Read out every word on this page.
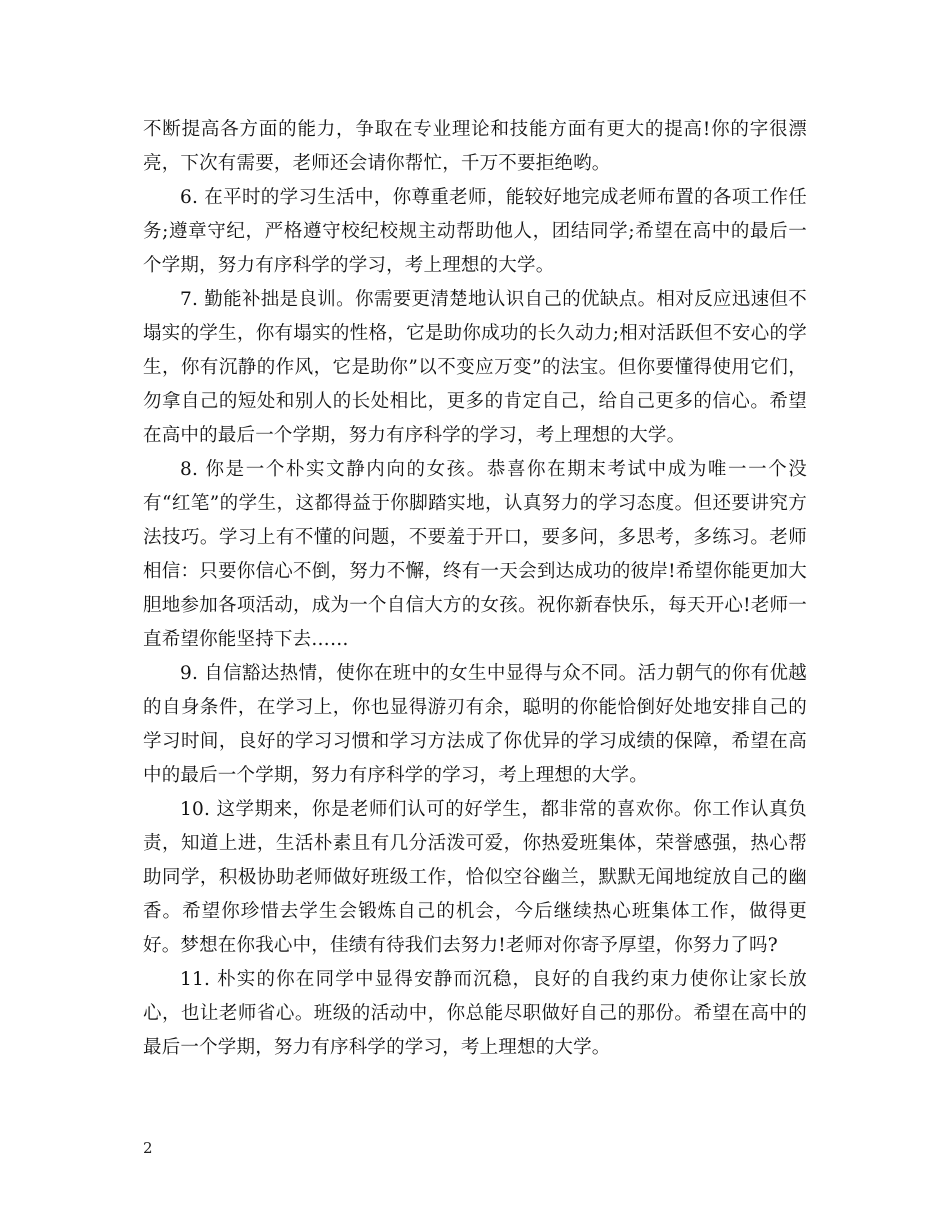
不断提高各方面的能力，争取在专业理论和技能方面有更大的提高!你的字很漂亮，下次有需要，老师还会请你帮忙，千万不要拒绝哟。

6. 在平时的学习生活中，你尊重老师，能较好地完成老师布置的各项工作任务;遵章守纪，严格遵守校纪校规主动帮助他人，团结同学;希望在高中的最后一个学期，努力有序科学的学习，考上理想的大学。

7. 勤能补拙是良训。你需要更清楚地认识自己的优缺点。相对反应迅速但不塌实的学生，你有塌实的性格，它是助你成功的长久动力;相对活跃但不安心的学生，你有沉静的作风，它是助你”以不变应万变”的法宝。但你要懂得使用它们，勿拿自己的短处和别人的长处相比，更多的肯定自己，给自己更多的信心。希望在高中的最后一个学期，努力有序科学的学习，考上理想的大学。

8. 你是一个朴实文静内向的女孩。恭喜你在期末考试中成为唯一一个没有“红笔”的学生，这都得益于你脚踏实地，认真努力的学习态度。但还要讲究方法技巧。学习上有不懂的问题，不要羞于开口，要多问，多思考，多练习。老师相信：只要你信心不倒，努力不懈，终有一天会到达成功的彼岸!希望你能更加大胆地参加各项活动，成为一个自信大方的女孩。祝你新春快乐，每天开心!老师一直希望你能坚持下去……

9. 自信豁达热情，使你在班中的女生中显得与众不同。活力朝气的你有优越的自身条件，在学习上，你也显得游刃有余，聪明的你能恰倒好处地安排自己的学习时间，良好的学习习惯和学习方法成了你优异的学习成绩的保障，希望在高中的最后一个学期，努力有序科学的学习，考上理想的大学。

10. 这学期来，你是老师们认可的好学生，都非常的喜欢你。你工作认真负责，知道上进，生活朴素且有几分活泼可爱，你热爱班集体，荣誉感强，热心帮助同学，积极协助老师做好班级工作，恰似空谷幽兰，默默无闻地绽放自己的幽香。希望你珍惜去学生会锻炼自己的机会，今后继续热心班集体工作，做得更好。梦想在你我心中，佳绩有待我们去努力!老师对你寄予厚望，你努力了吗?

11. 朴实的你在同学中显得安静而沉稳，良好的自我约束力使你让家长放心，也让老师省心。班级的活动中，你总能尽职做好自己的那份。希望在高中的最后一个学期，努力有序科学的学习，考上理想的大学。

2
